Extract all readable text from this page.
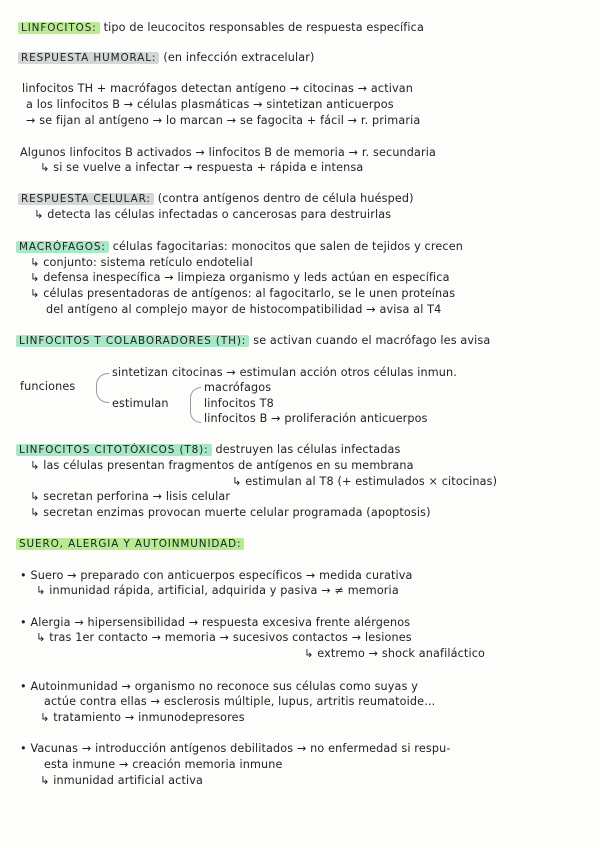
LINFOCITOS: tipo de leucocitos responsables de respuesta específica
RESPUESTA HUMORAL: (en infección extracelular)
linfocitos TH + macrófagos detectan antígeno → citocinas → activan
a los linfocitos B → células plasmáticas → sintetizan anticuerpos
→ se fijan al antígeno → lo marcan → se fagocita + fácil → r. primaria
Algunos linfocitos B activados → linfocitos B de memoria → r. secundaria
↳ si se vuelve a infectar → respuesta + rápida e intensa
RESPUESTA CELULAR: (contra antígenos dentro de célula huésped)
↳ detecta las células infectadas o cancerosas para destruirlas
MACRÓFAGOS: células fagocitarias: monocitos que salen de tejidos y crecen
↳ conjunto: sistema retículo endotelial
↳ defensa inespecífica → limpieza organismo y leds actúan en específica
↳ células presentadoras de antígenos: al fagocitarlo, se le unen proteínas
del antígeno al complejo mayor de histocompatibilidad → avisa al T4
LINFOCITOS T COLABORADORES (TH): se activan cuando el macrófago les avisa
funciones
sintetizan citocinas → estimulan acción otros células inmun.
estimulan
macrófagos
linfocitos T8
linfocitos B → proliferación anticuerpos
LINFOCITOS CITOTÓXICOS (T8): destruyen las células infectadas
↳ las células presentan fragmentos de antígenos en su membrana
↳ estimulan al T8 (+ estimulados × citocinas)
↳ secretan perforina → lisis celular
↳ secretan enzimas provocan muerte celular programada (apoptosis)
SUERO, ALERGIA Y AUTOINMUNIDAD:
• Suero → preparado con anticuerpos específicos → medida curativa
↳ inmunidad rápida, artificial, adquirida y pasiva → ≠ memoria
• Alergia → hipersensibilidad → respuesta excesiva frente alérgenos
↳ tras 1er contacto → memoria → sucesivos contactos → lesiones
↳ extremo → shock anafiláctico
• Autoinmunidad → organismo no reconoce sus células como suyas y
actúe contra ellas → esclerosis múltiple, lupus, artritis reumatoide...
↳ tratamiento → inmunodepresores
• Vacunas → introducción antígenos debilitados → no enfermedad si respu-
esta inmune → creación memoria inmune
↳ inmunidad artificial activa
